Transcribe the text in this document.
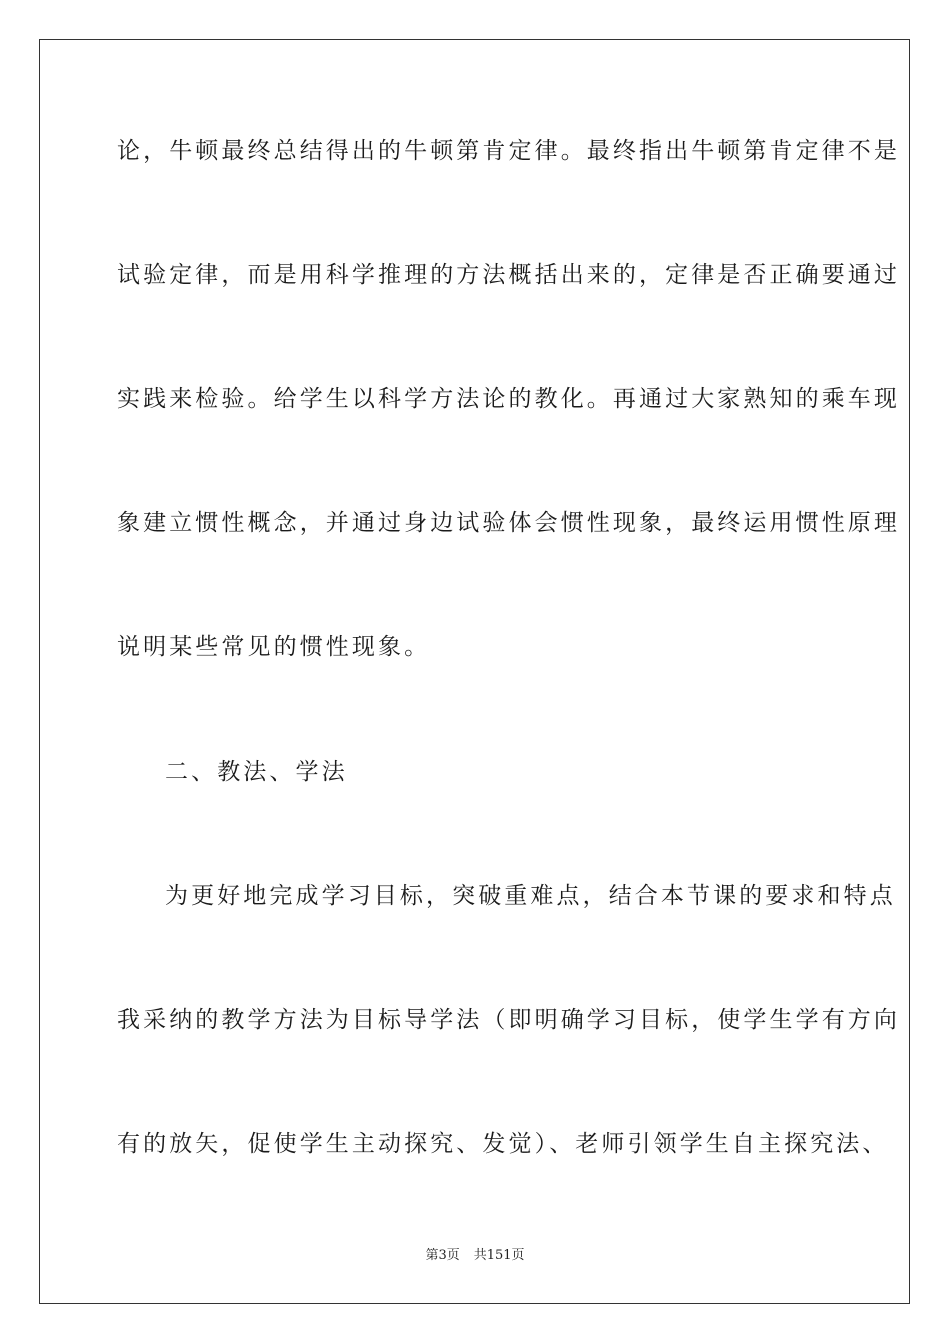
论，牛顿最终总结得出的牛顿第肯定律。最终指出牛顿第肯定律不是
试验定律，而是用科学推理的方法概括出来的，定律是否正确要通过
实践来检验。给学生以科学方法论的教化。再通过大家熟知的乘车现
象建立惯性概念，并通过身边试验体会惯性现象，最终运用惯性原理
说明某些常见的惯性现象。
二、教法、学法
为更好地完成学习目标，突破重难点，结合本节课的要求和特点
我采纳的教学方法为目标导学法（即明确学习目标，使学生学有方向
有的放矢，促使学生主动探究、发觉）、老师引领学生自主探究法、
第3页 共151页
